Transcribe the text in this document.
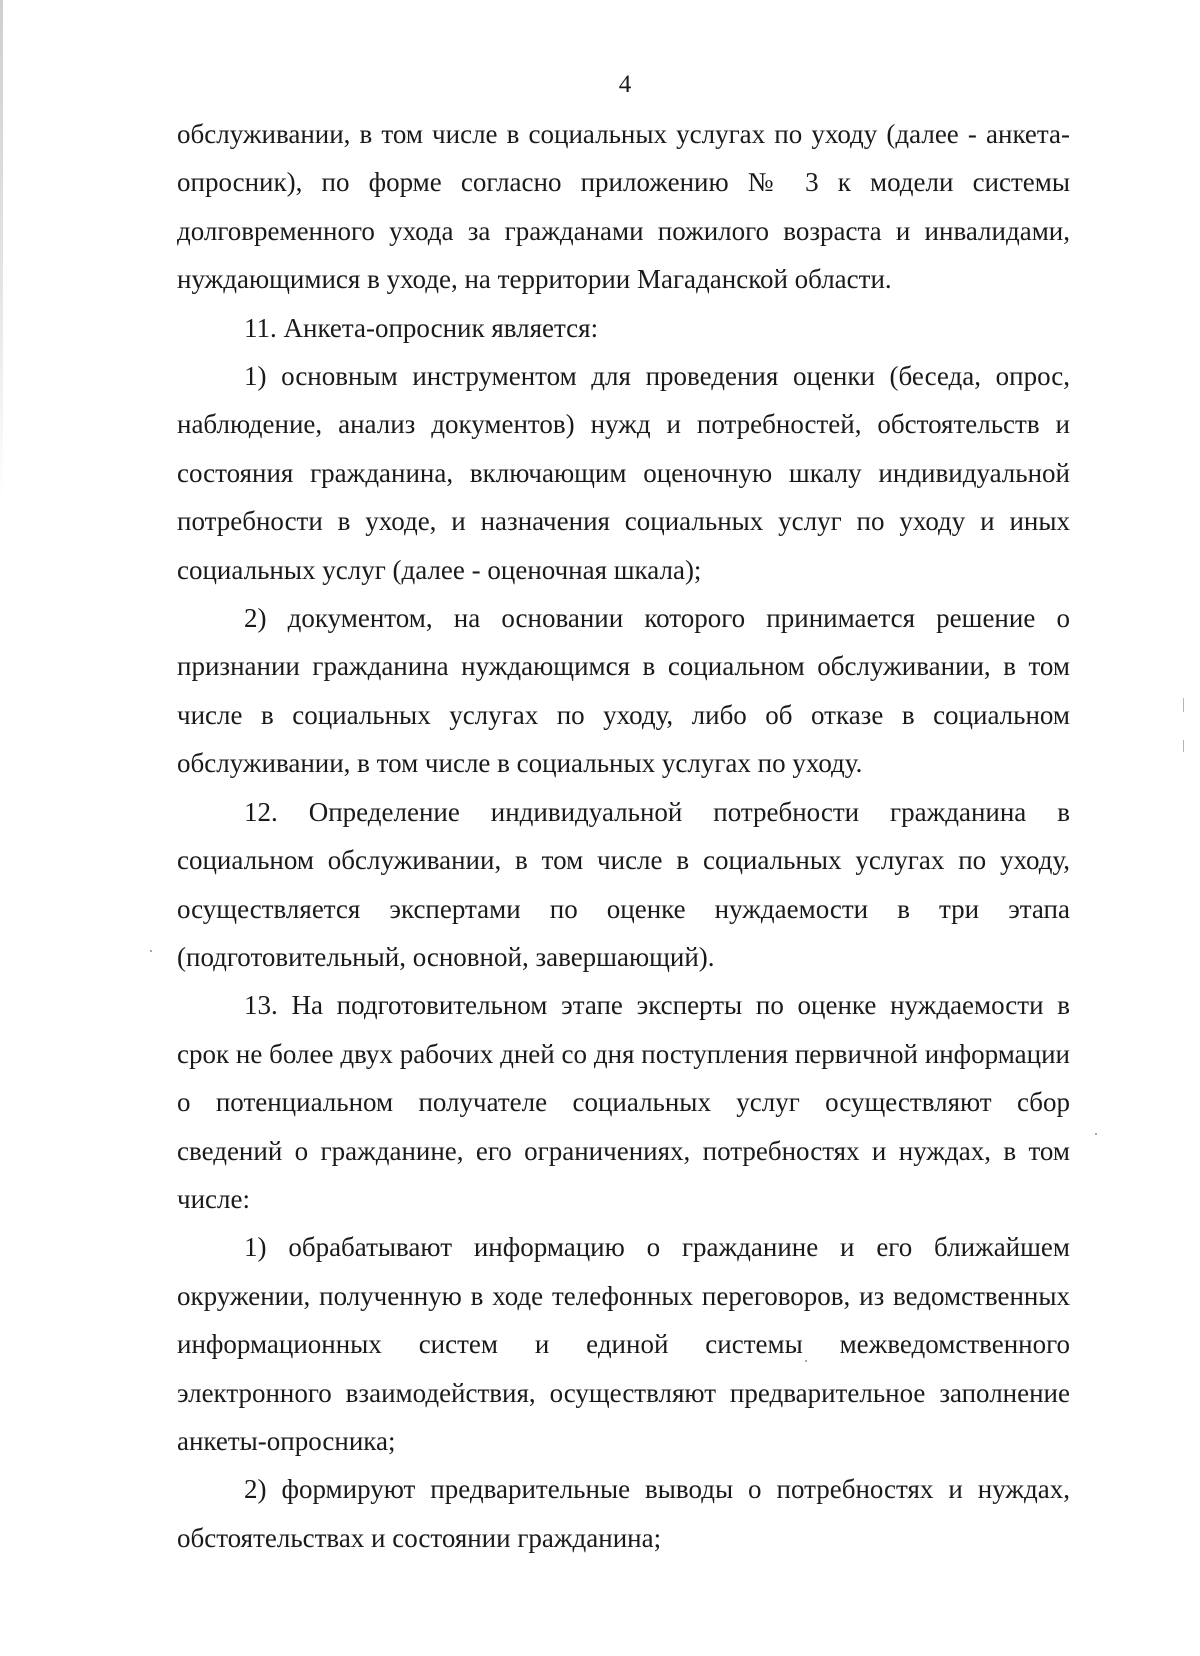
4

обслуживании, в том числе в социальных услугах по уходу (далее - анкета-опросник), по форме согласно приложению № 3 к модели системы долговременного ухода за гражданами пожилого возраста и инвалидами, нуждающимися в уходе, на территории Магаданской области.

11. Анкета-опросник является:

1) основным инструментом для проведения оценки (беседа, опрос, наблюдение, анализ документов) нужд и потребностей, обстоятельств и состояния гражданина, включающим оценочную шкалу индивидуальной потребности в уходе, и назначения социальных услуг по уходу и иных социальных услуг (далее - оценочная шкала);

2) документом, на основании которого принимается решение о признании гражданина нуждающимся в социальном обслуживании, в том числе в социальных услугах по уходу, либо об отказе в социальном обслуживании, в том числе в социальных услугах по уходу.

12. Определение индивидуальной потребности гражданина в социальном обслуживании, в том числе в социальных услугах по уходу, осуществляется экспертами по оценке нуждаемости в три этапа (подготовительный, основной, завершающий).

13. На подготовительном этапе эксперты по оценке нуждаемости в срок не более двух рабочих дней со дня поступления первичной информации о потенциальном получателе социальных услуг осуществляют сбор сведений о гражданине, его ограничениях, потребностях и нуждах, в том числе:

1) обрабатывают информацию о гражданине и его ближайшем окружении, полученную в ходе телефонных переговоров, из ведомственных информационных систем и единой системы межведомственного электронного взаимодействия, осуществляют предварительное заполнение анкеты-опросника;

2) формируют предварительные выводы о потребностях и нуждах, обстоятельствах и состоянии гражданина;
